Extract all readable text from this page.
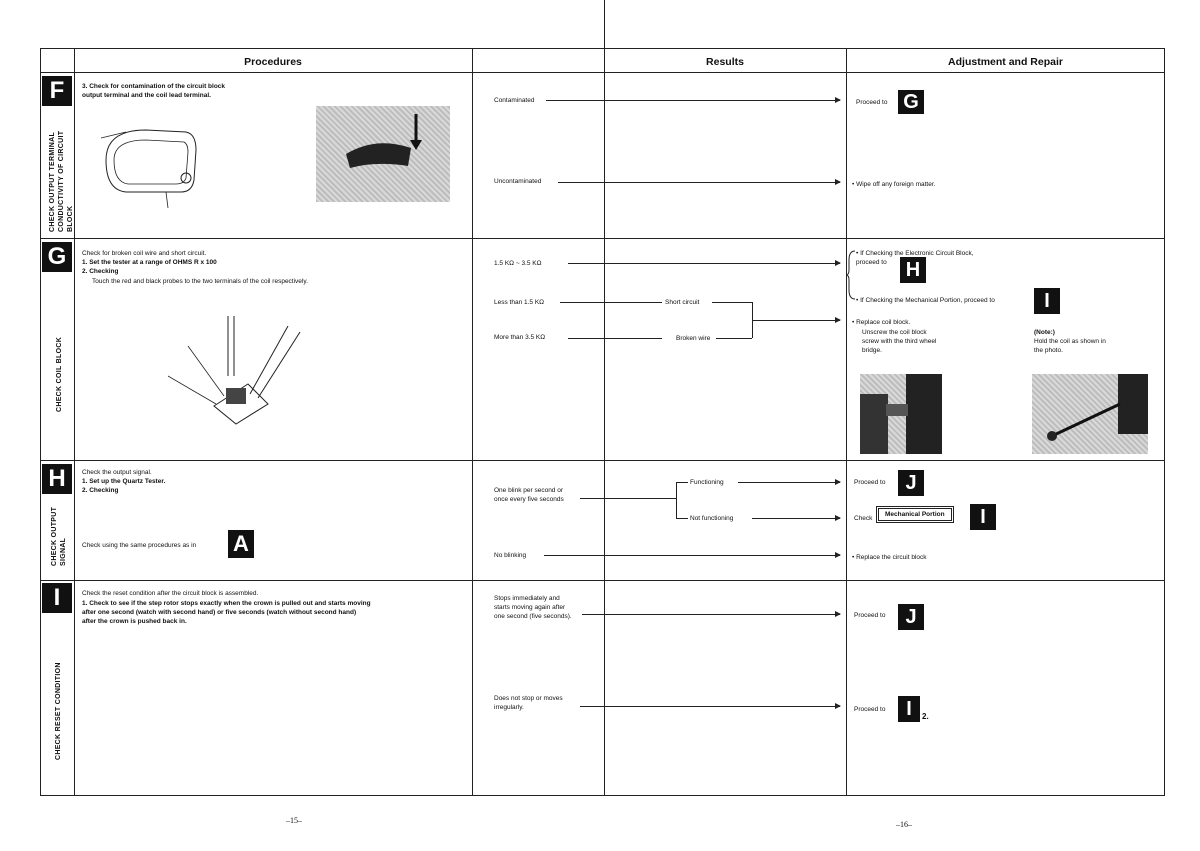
Procedures	Results	Adjustment and Repair
F
CHECK OUTPUT TERMINAL
CONDUCTIVITY OF CIRCUIT
BLOCK
3. Check for contamination of the circuit block
output terminal and the coil lead terminal.
Contaminated
Uncontaminated
Proceed to G
• Wipe off any foreign matter.
G
CHECK COIL BLOCK
Check for broken coil wire and short circuit.
1. Set the tester at a range of OHMS R x 100
2. Checking
Touch the red and black probes to the two terminals of the coil respectively.
1.5 KΩ ~ 3.5 KΩ
Less than 1.5 KΩ	Short circuit
More than 3.5 KΩ	Broken wire
• If Checking the Electronic Circuit Block,
proceed to H
• If Checking the Mechanical Portion, proceed to	I
• Replace coil block.
Unscrew the coil block
screw with the third wheel
bridge.
(Note:)
Hold the coil as shown in
the photo.
H
CHECK OUTPUT
SIGNAL
Check the output signal.
1. Set up the Quartz Tester.
2. Checking
Check using the same procedures as in A
One blink per second or
once every five seconds
Functioning
Not functioning
No blinking
Proceed to	J
Check
Mechanical Portion	I
• Replace the circuit block
I
CHECK RESET CONDITION
Check the reset condition after the circuit block is assembled.
1. Check to see if the step rotor stops exactly when the crown is pulled out and starts moving
after one second (watch with second hand) or five seconds (watch without second hand)
after the crown is pushed back in.
Stops immediately and
starts moving again after
one second (five seconds).
Does not stop or moves
irregularly.
Proceed to	J
Proceed to	I	2.
–15–	–16–
